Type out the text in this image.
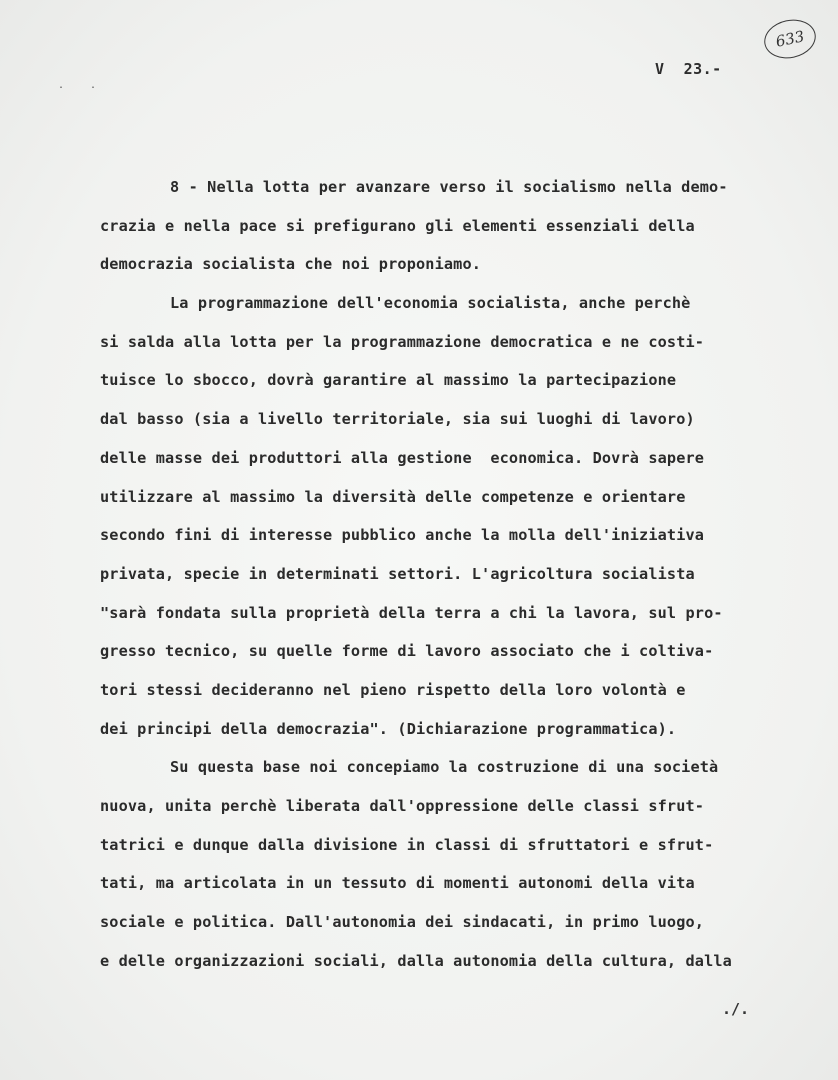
633
. .
V  23.-
8 - Nella lotta per avanzare verso il socialismo nella demo-
crazia e nella pace si prefigurano gli elementi essenziali della
democrazia socialista che noi proponiamo.
La programmazione dell'economia socialista, anche perchè
si salda alla lotta per la programmazione democratica e ne costi-
tuisce lo sbocco, dovrà garantire al massimo la partecipazione
dal basso (sia a livello territoriale, sia sui luoghi di lavoro)
delle masse dei produttori alla gestione  economica. Dovrà sapere
utilizzare al massimo la diversità delle competenze e orientare
secondo fini di interesse pubblico anche la molla dell'iniziativa
privata, specie in determinati settori. L'agricoltura socialista
"sarà fondata sulla proprietà della terra a chi la lavora, sul pro-
gresso tecnico, su quelle forme di lavoro associato che i coltiva-
tori stessi decideranno nel pieno rispetto della loro volontà e
dei principi della democrazia". (Dichiarazione programmatica).
Su questa base noi concepiamo la costruzione di una società
nuova, unita perchè liberata dall'oppressione delle classi sfrut-
tatrici e dunque dalla divisione in classi di sfruttatori e sfrut-
tati, ma articolata in un tessuto di momenti autonomi della vita
sociale e politica. Dall'autonomia dei sindacati, in primo luogo,
e delle organizzazioni sociali, dalla autonomia della cultura, dalla
./.
